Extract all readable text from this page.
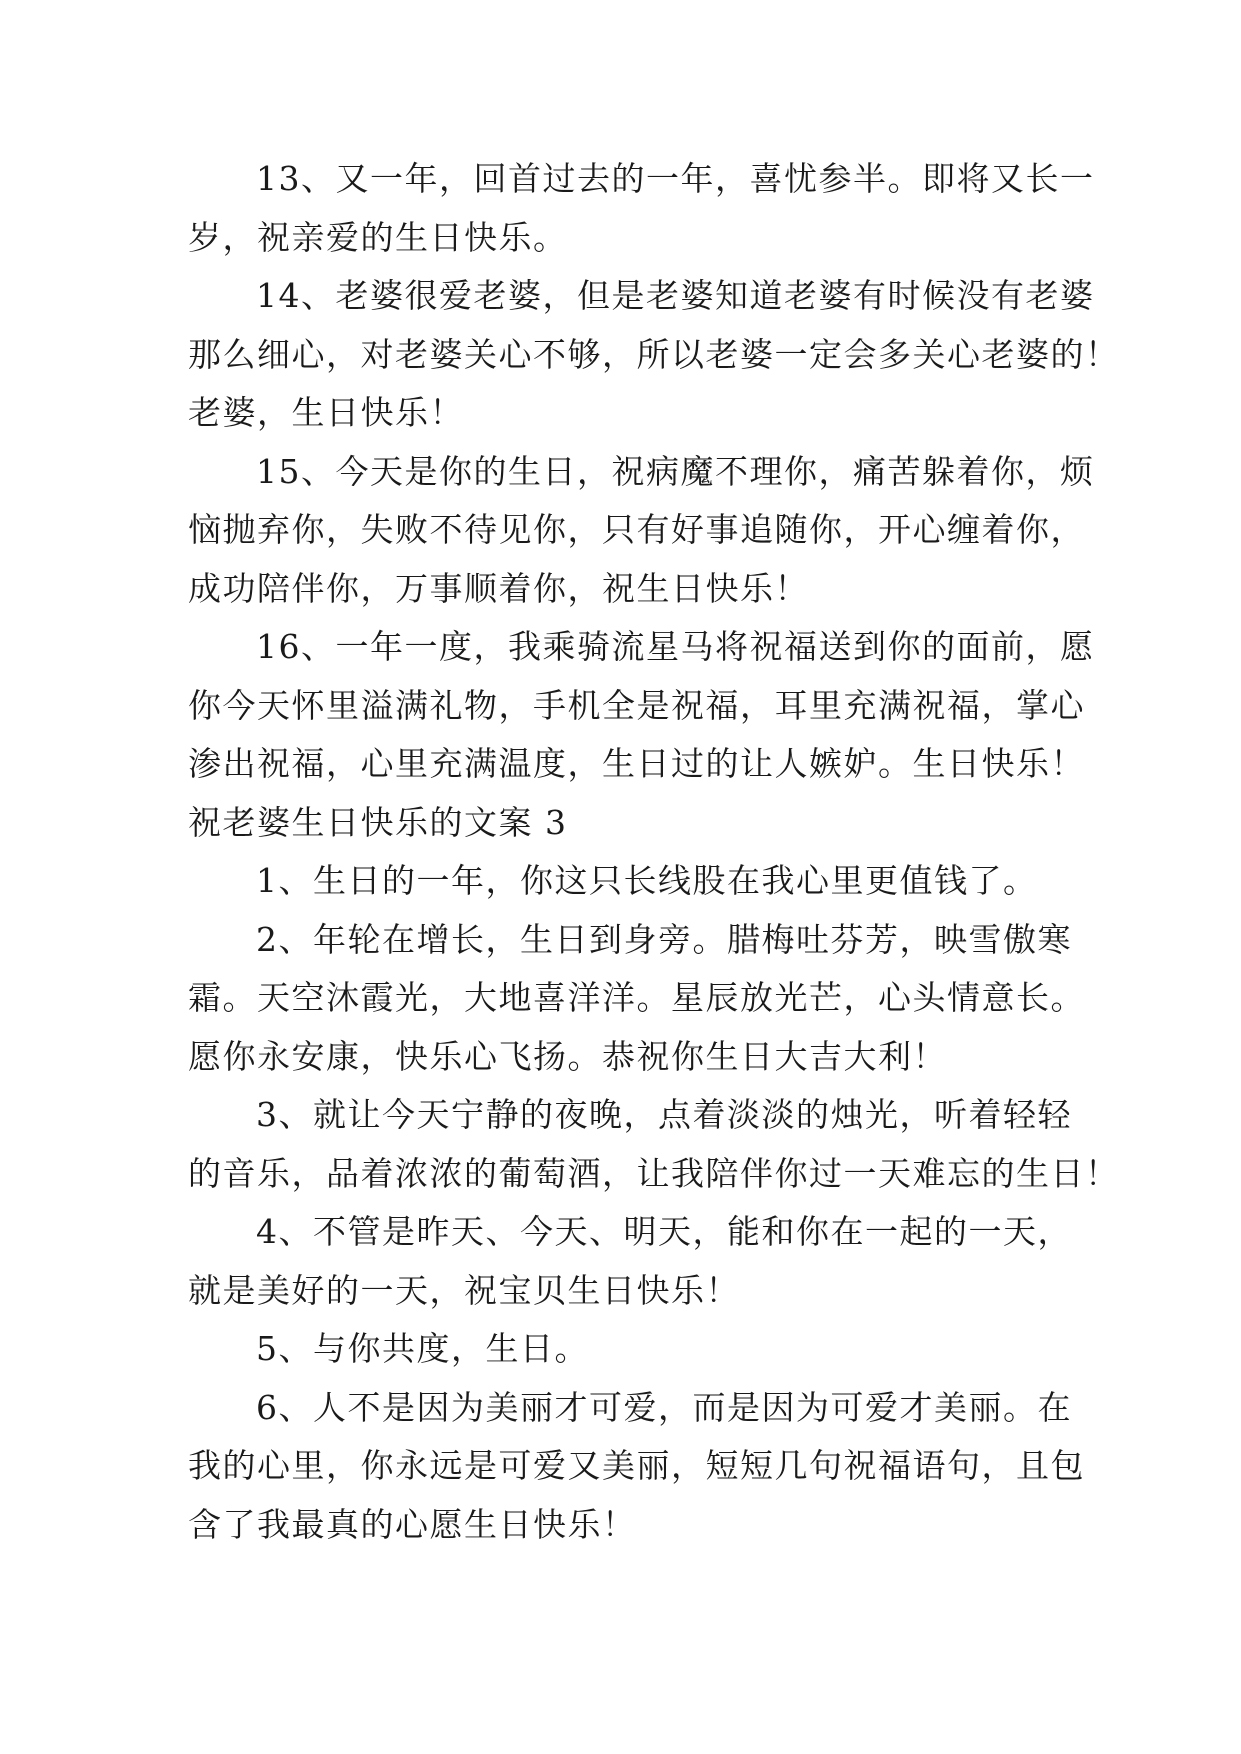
13、又一年，回首过去的一年，喜忧参半。即将又长一
岁，祝亲爱的生日快乐。
14、老婆很爱老婆，但是老婆知道老婆有时候没有老婆
那么细心，对老婆关心不够，所以老婆一定会多关心老婆的！
老婆，生日快乐！
15、今天是你的生日，祝病魔不理你，痛苦躲着你，烦
恼抛弃你，失败不待见你，只有好事追随你，开心缠着你，
成功陪伴你，万事顺着你，祝生日快乐！
16、一年一度，我乘骑流星马将祝福送到你的面前，愿
你今天怀里溢满礼物，手机全是祝福，耳里充满祝福，掌心
渗出祝福，心里充满温度，生日过的让人嫉妒。生日快乐！
祝老婆生日快乐的文案 3
1、生日的一年，你这只长线股在我心里更值钱了。
2、年轮在增长，生日到身旁。腊梅吐芬芳，映雪傲寒
霜。天空沐霞光，大地喜洋洋。星辰放光芒，心头情意长。
愿你永安康，快乐心飞扬。恭祝你生日大吉大利！
3、就让今天宁静的夜晚，点着淡淡的烛光，听着轻轻
的音乐，品着浓浓的葡萄酒，让我陪伴你过一天难忘的生日！
4、不管是昨天、今天、明天，能和你在一起的一天，
就是美好的一天，祝宝贝生日快乐！
5、与你共度，生日。
6、人不是因为美丽才可爱，而是因为可爱才美丽。在
我的心里，你永远是可爱又美丽，短短几句祝福语句，且包
含了我最真的心愿生日快乐！
